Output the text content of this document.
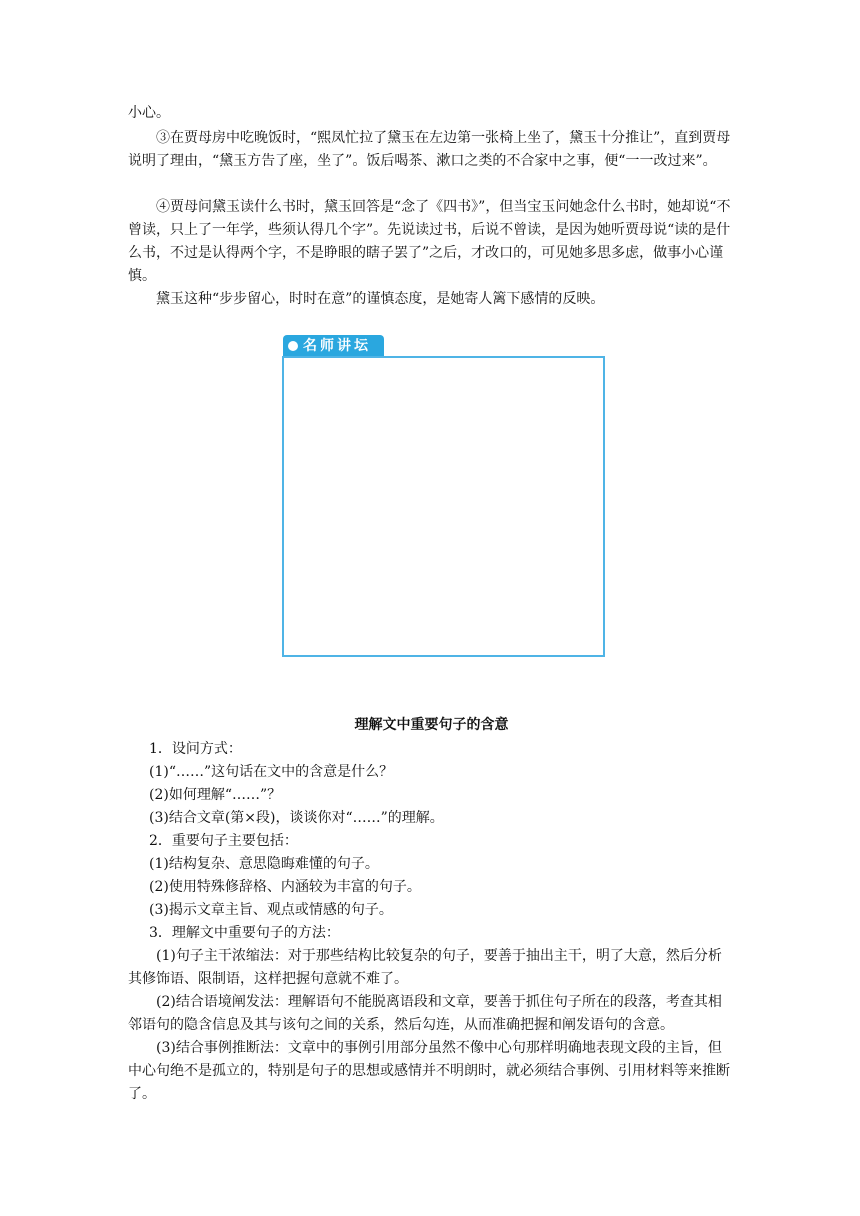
小心。

③在贾母房中吃晚饭时，“熙凤忙拉了黛玉在左边第一张椅上坐了，黛玉十分推让”，直到贾母说明了理由，“黛玉方告了座，坐了”。饭后喝茶、漱口之类的不合家中之事，便“一一改过来”。

④贾母问黛玉读什么书时，黛玉回答是“念了《四书》”，但当宝玉问她念什么书时，她却说“不曾读，只上了一年学，些须认得几个字”。先说读过书，后说不曾读，是因为她听贾母说“读的是什么书，不过是认得两个字，不是睁眼的瞎子罢了”之后，才改口的，可见她多思多虑，做事小心谨慎。

黛玉这种“步步留心，时时在意”的谨慎态度，是她寄人篱下感情的反映。

名师讲坛
理解文中重要句子的含意

1．设问方式：

(1)“……”这句话在文中的含意是什么？

(2)如何理解“……”？

(3)结合文章(第×段)，谈谈你对“……”的理解。

2．重要句子主要包括：

(1)结构复杂、意思隐晦难懂的句子。

(2)使用特殊修辞格、内涵较为丰富的句子。

(3)揭示文章主旨、观点或情感的句子。

3．理解文中重要句子的方法：

(1)句子主干浓缩法：对于那些结构比较复杂的句子，要善于抽出主干，明了大意，然后分析其修饰语、限制语，这样把握句意就不难了。

(2)结合语境阐发法：理解语句不能脱离语段和文章，要善于抓住句子所在的段落，考查其相邻语句的隐含信息及其与该句之间的关系，然后勾连，从而准确把握和阐发语句的含意。

(3)结合事例推断法：文章中的事例引用部分虽然不像中心句那样明确地表现文段的主旨，但中心句绝不是孤立的，特别是句子的思想或感情并不明朗时，就必须结合事例、引用材料等来推断了。
